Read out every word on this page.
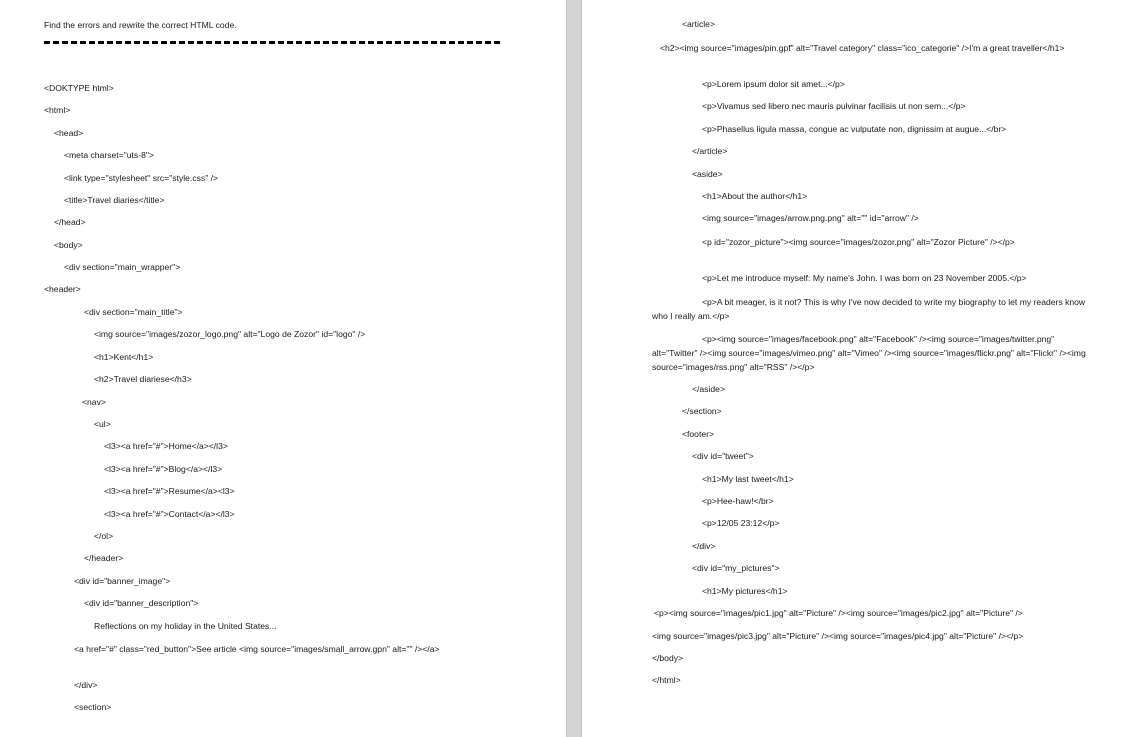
Find the errors and rewrite the correct HTML code.
<DOKTYPE html>
<html>
<head>
<meta charset="uts-8">
<link type="stylesheet" src="style.css" />
<title>Travel diaries</title>
</head>
<body>
<div section="main_wrapper">
<header>
<div section="main_title">
<img source="images/zozor_logo.png" alt="Logo de Zozor" id="logo" />
<h1>Kent</h1>
<h2>Travel diariese</h3>
<nav>
<ul>
<l3><a href="#">Home</a></l3>
<l3><a href="#">Blog</a></l3>
<l3><a href="#">Resume</a><l3>
<l3><a href="#">Contact</a></l3>
</ol>
</header>
<div id="banner_image">
<div id="banner_description">
Reflections on my holiday in the United States...
<a href="#" class="red_button">See article <img source="images/small_arrow.gpn" alt="" /></a>
</div>
<section>
<article>
<h2><img source="images/pin.gpf" alt="Travel category" class="ico_categorie" />I'm a great traveller</h1>
<p>Lorem ipsum dolor sit amet...</p>
<p>Vivamus sed libero nec mauris pulvinar facilisis ut non sem...</p>
<p>Phasellus ligula massa, congue ac vulputate non, dignissim at augue...</br>
</article>
<aside>
<h1>About the author</h1>
<img source="images/arrow.png.png" alt="" id="arrow" />
<p id="zozor_picture"><img source="images/zozor.png" alt="Zozor Picture" /></p>
<p>Let me introduce myself: My name's John. I was born on 23 November 2005.</p>
<p>A bit meager, is it not? This is why I've now decided to write my biography to let my readers know who I really am.</p>
<p><img source="images/facebook.png" alt="Facebook" /><img source="images/twitter.png" alt="Twitter" /><img source="images/vimeo.png" alt="Vimeo" /><img source="images/flickr.png" alt="Flickr" /><img source="images/rss.png" alt="RSS" /></p>
</aside>
</section>
<footer>
<div id="tweet">
<h1>My last tweet</h1>
<p>Hee-haw!</br>
<p>12/05 23:12</p>
</div>
<div id="my_pictures">
<h1>My pictures</h1>
<p><img source="images/pic1.jpg" alt="Picture" /><img source="images/pic2.jpg" alt="Picture" />
<img source="images/pic3.jpg" alt="Picture" /><img source="images/pic4.jpg" alt="Picture" /></p>
</body>
</html>
